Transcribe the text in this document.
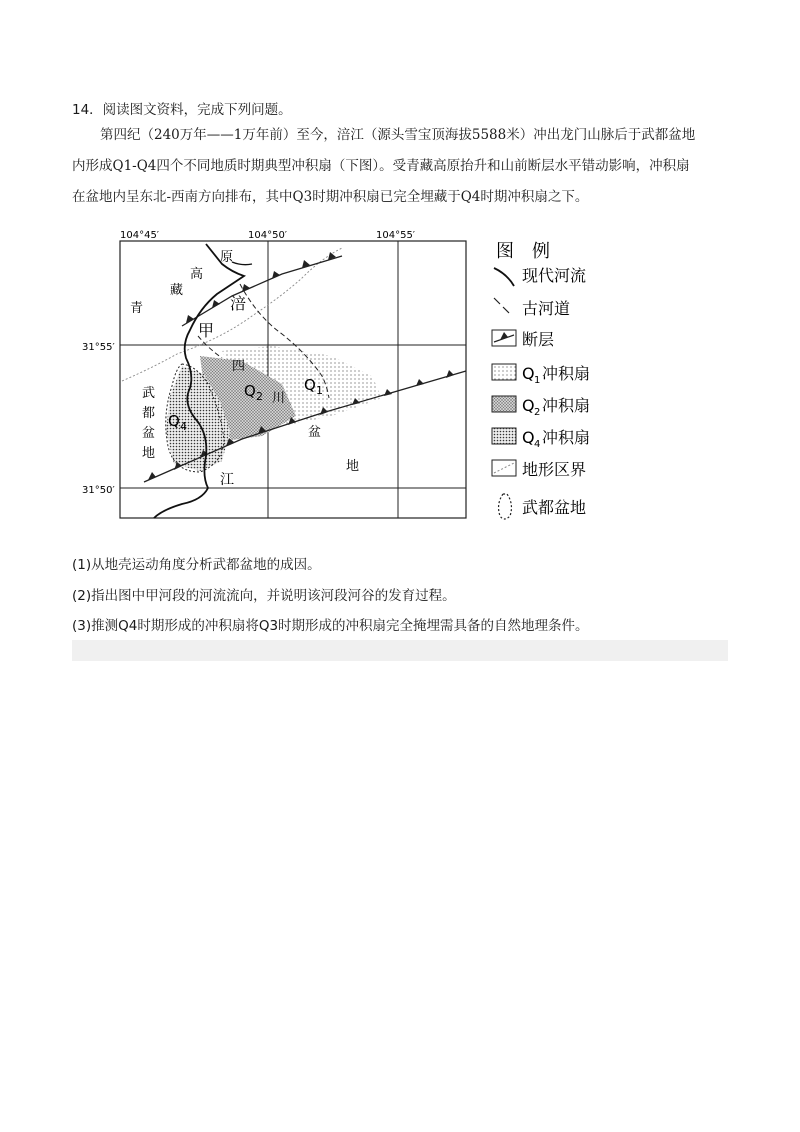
14．阅读图文资料，完成下列问题。
第四纪（240万年——1万年前）至今，涪江（源头雪宝顶海拔5588米）冲出龙门山脉后于武都盆地
内形成Q1-Q4四个不同地质时期典型冲积扇（下图）。受青藏高原抬升和山前断层水平错动影响，冲积扇
在盆地内呈东北-西南方向排布，其中Q3时期冲积扇已完全埋藏于Q4时期冲积扇之下。
104°45′	104°50′	104°55′
31°55′
31°50′
青
藏
高
原
涪
甲
四
川
盆
地
江
武
都
盆
地
Q 1
Q 2
Q 4
图　例
现代河流
古河道
断层
Q 1 冲积扇
Q 2 冲积扇
Q 4 冲积扇
地形区界
武都盆地
(1)从地壳运动角度分析武都盆地的成因。
(2)指出图中甲河段的河流流向，并说明该河段河谷的发育过程。
(3)推测Q4时期形成的冲积扇将Q3时期形成的冲积扇完全掩埋需具备的自然地理条件。
